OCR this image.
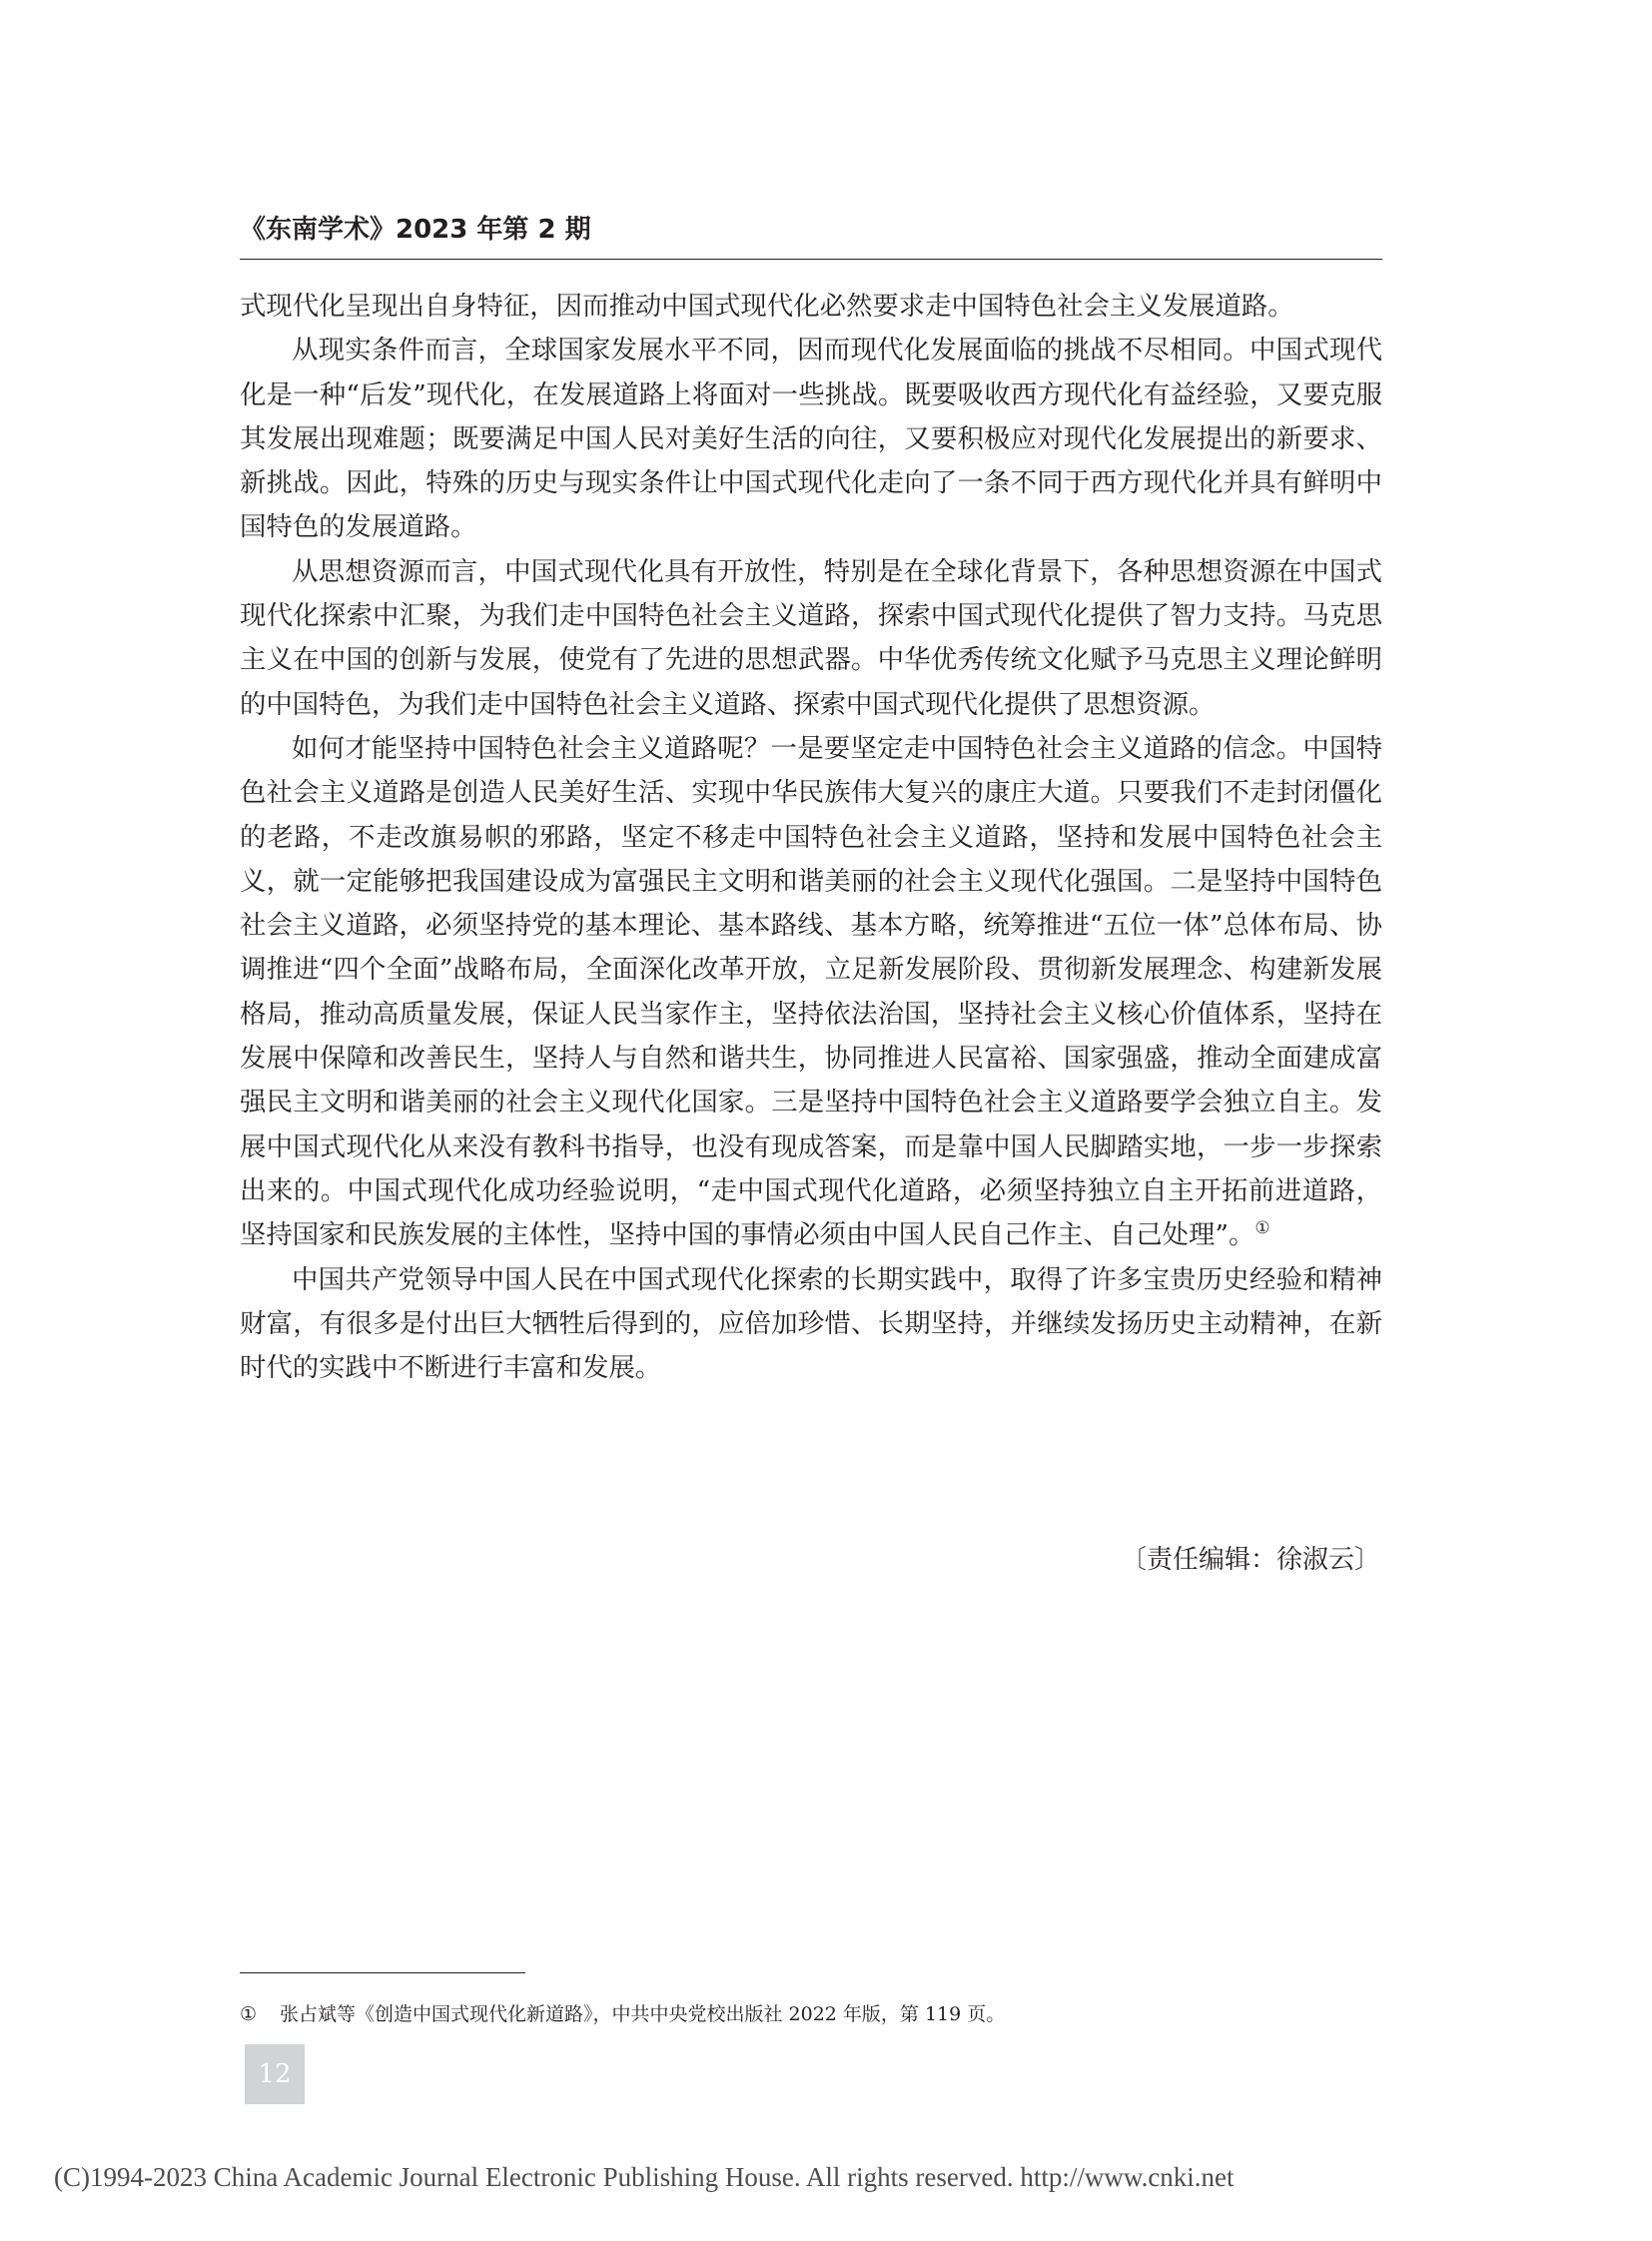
《东南学术》2023 年第 2 期

式现代化呈现出自身特征，因而推动中国式现代化必然要求走中国特色社会主义发展道路。

从现实条件而言，全球国家发展水平不同，因而现代化发展面临的挑战不尽相同。中国式现代化是一种“后发”现代化，在发展道路上将面对一些挑战。既要吸收西方现代化有益经验，又要克服其发展出现难题；既要满足中国人民对美好生活的向往，又要积极应对现代化发展提出的新要求、新挑战。因此，特殊的历史与现实条件让中国式现代化走向了一条不同于西方现代化并具有鲜明中国特色的发展道路。

从思想资源而言，中国式现代化具有开放性，特别是在全球化背景下，各种思想资源在中国式现代化探索中汇聚，为我们走中国特色社会主义道路，探索中国式现代化提供了智力支持。马克思主义在中国的创新与发展，使党有了先进的思想武器。中华优秀传统文化赋予马克思主义理论鲜明的中国特色，为我们走中国特色社会主义道路、探索中国式现代化提供了思想资源。

如何才能坚持中国特色社会主义道路呢？一是要坚定走中国特色社会主义道路的信念。中国特色社会主义道路是创造人民美好生活、实现中华民族伟大复兴的康庄大道。只要我们不走封闭僵化的老路，不走改旗易帜的邪路，坚定不移走中国特色社会主义道路，坚持和发展中国特色社会主义，就一定能够把我国建设成为富强民主文明和谐美丽的社会主义现代化强国。二是坚持中国特色社会主义道路，必须坚持党的基本理论、基本路线、基本方略，统筹推进“五位一体”总体布局、协调推进“四个全面”战略布局，全面深化改革开放，立足新发展阶段、贯彻新发展理念、构建新发展格局，推动高质量发展，保证人民当家作主，坚持依法治国，坚持社会主义核心价值体系，坚持在发展中保障和改善民生，坚持人与自然和谐共生，协同推进人民富裕、国家强盛，推动全面建成富强民主文明和谐美丽的社会主义现代化国家。三是坚持中国特色社会主义道路要学会独立自主。发展中国式现代化从来没有教科书指导，也没有现成答案，而是靠中国人民脚踏实地，一步一步探索出来的。中国式现代化成功经验说明，“走中国式现代化道路，必须坚持独立自主开拓前进道路，坚持国家和民族发展的主体性，坚持中国的事情必须由中国人民自己作主、自己处理”。①

中国共产党领导中国人民在中国式现代化探索的长期实践中，取得了许多宝贵历史经验和精神财富，有很多是付出巨大牺牲后得到的，应倍加珍惜、长期坚持，并继续发扬历史主动精神，在新时代的实践中不断进行丰富和发展。

〔责任编辑：徐淑云〕
① 张占斌等《创造中国式现代化新道路》，中共中央党校出版社 2022 年版，第 119 页。
12
(C)1994-2023 China Academic Journal Electronic Publishing House. All rights reserved. http://www.cnki.net
